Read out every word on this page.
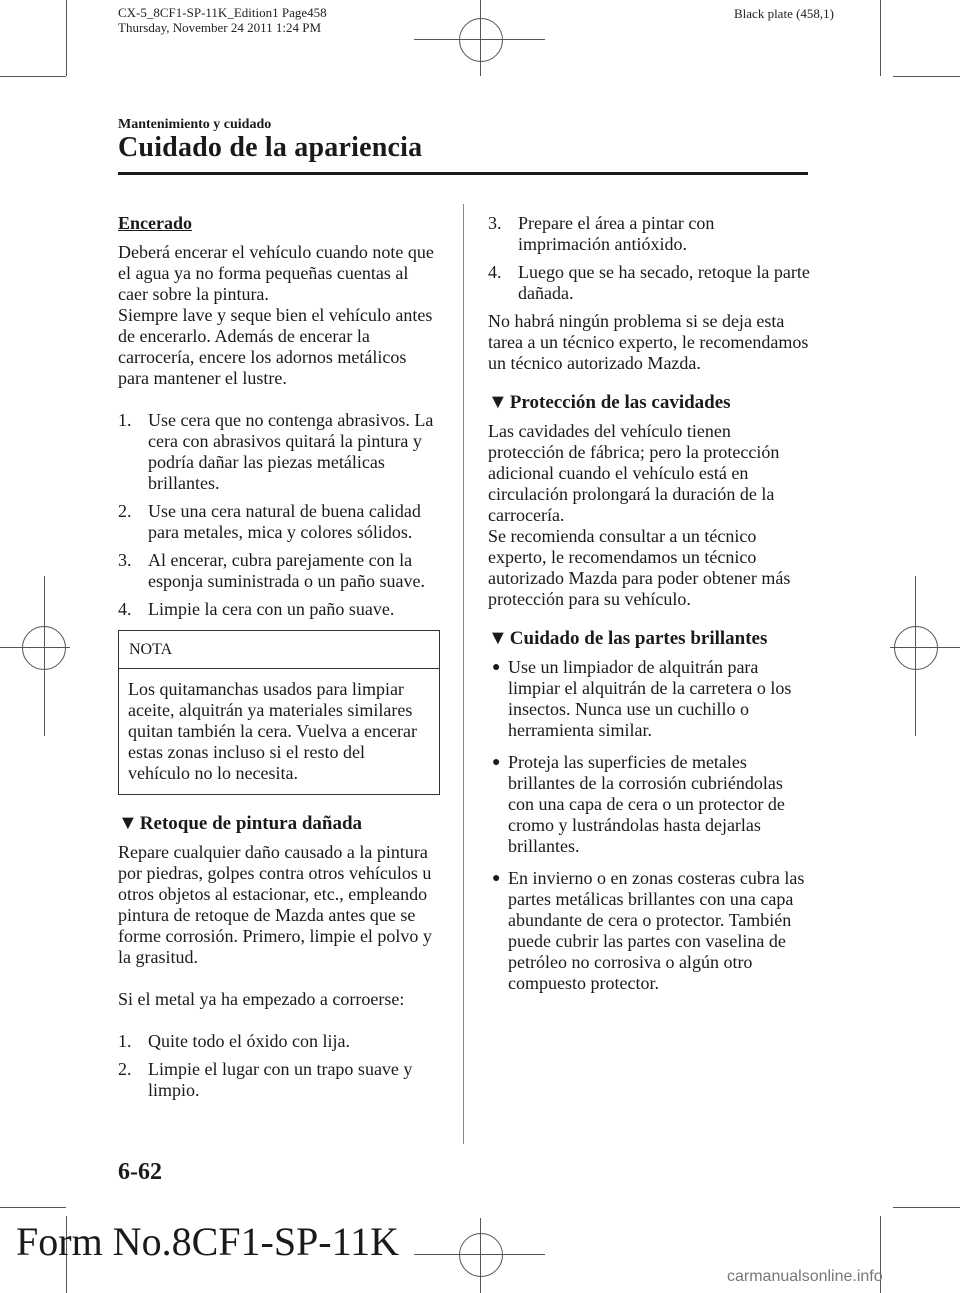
CX-5_8CF1-SP-11K_Edition1 Page458
Thursday, November 24 2011 1:24 PM
Black plate (458,1)
Mantenimiento y cuidado
Cuidado de la apariencia
Encerado
Deberá encerar el vehículo cuando note que el agua ya no forma pequeñas cuentas al caer sobre la pintura.
Siempre lave y seque bien el vehículo antes de encerarlo. Además de encerar la carrocería, encere los adornos metálicos para mantener el lustre.
1. Use cera que no contenga abrasivos. La cera con abrasivos quitará la pintura y podría dañar las piezas metálicas brillantes.
2. Use una cera natural de buena calidad para metales, mica y colores sólidos.
3. Al encerar, cubra parejamente con la esponja suministrada o un paño suave.
4. Limpie la cera con un paño suave.
NOTA
Los quitamanchas usados para limpiar aceite, alquitrán ya materiales similares quitan también la cera. Vuelva a encerar estas zonas incluso si el resto del vehículo no lo necesita.
▼ Retoque de pintura dañada
Repare cualquier daño causado a la pintura por piedras, golpes contra otros vehículos u otros objetos al estacionar, etc., empleando pintura de retoque de Mazda antes que se forme corrosión. Primero, limpie el polvo y la grasitud.
Si el metal ya ha empezado a corroerse:
1. Quite todo el óxido con lija.
2. Limpie el lugar con un trapo suave y limpio.
3. Prepare el área a pintar con imprimación antióxido.
4. Luego que se ha secado, retoque la parte dañada.
No habrá ningún problema si se deja esta tarea a un técnico experto, le recomendamos un técnico autorizado Mazda.
▼ Protección de las cavidades
Las cavidades del vehículo tienen protección de fábrica; pero la protección adicional cuando el vehículo está en circulación prolongará la duración de la carrocería.
Se recomienda consultar a un técnico experto, le recomendamos un técnico autorizado Mazda para poder obtener más protección para su vehículo.
▼ Cuidado de las partes brillantes
● Use un limpiador de alquitrán para limpiar el alquitrán de la carretera o los insectos. Nunca use un cuchillo o herramienta similar.
● Proteja las superficies de metales brillantes de la corrosión cubriéndolas con una capa de cera o un protector de cromo y lustrándolas hasta dejarlas brillantes.
● En invierno o en zonas costeras cubra las partes metálicas brillantes con una capa abundante de cera o protector. También puede cubrir las partes con vaselina de petróleo no corrosiva o algún otro compuesto protector.
6-62
Form No.8CF1-SP-11K
carmanualsonline.info
